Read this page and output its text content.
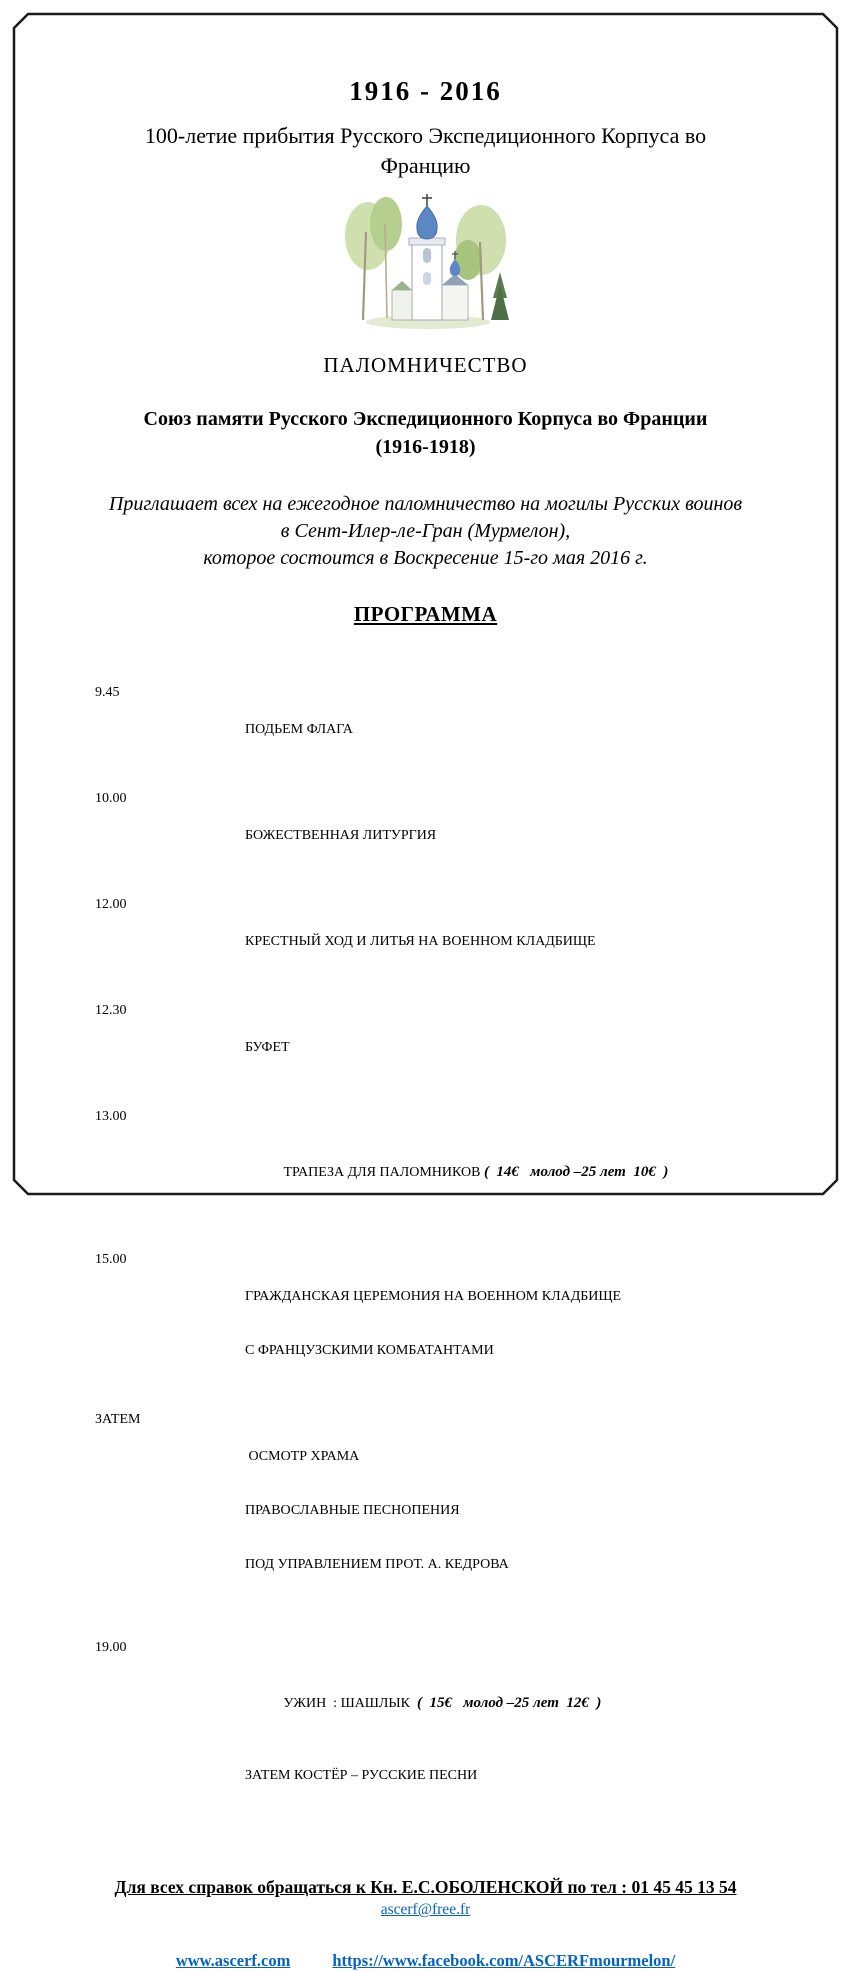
1916 - 2016
100-летие прибытия Русского Экспедиционного Корпуса во
Францию
ПАЛОМНИЧЕСТВО
Союз памяти Русского Экспедиционного Корпуса во Франции
(1916-1918)
Приглашает всех на ежегодное паломничество на могилы Русских воинов
в Сент-Илер-ле-Гран (Мурмелон),
которое состоится в Воскресение 15-го мая 2016 г.
ПРОГРАММА
9.45

ПОДЬЕМ ФЛАГА

10.00

БОЖЕСТВЕННАЯ ЛИТУРГИЯ

12.00

КРЕСТНЫЙ ХОД И ЛИТЬЯ НА ВОЕННОМ КЛАДБИЩЕ

12.30

БУФЕТ

13.00

ТРАПЕЗА ДЛЯ ПАЛОМНИКОВ (  14€   молод –25 лет  10€  )

15.00

ГРАЖДАНСКАЯ ЦЕРЕМОНИЯ НА ВОЕННОМ КЛАДБИЩЕ

С ФРАНЦУЗСКИМИ КОМБАТАНТАМИ

ЗАТЕМ

ОСМОТР ХРАМА

ПРАВОСЛАВНЫЕ ПЕСНОПЕНИЯ

ПОД УПРАВЛЕНИЕМ ПРОТ. А. КЕДРОВА

19.00

УЖИН  : ШАШЛЫК  (  15€   молод –25 лет  12€  )

ЗАТЕМ КОСТЁР – РУССКИЕ ПЕСНИ

Для всех справок обращаться к Кн. Е.С.ОБОЛЕНСКОЙ по тел : 01 45 45 13 54
ascerf@free.fr
www.ascerf.com	https://www.facebook.com/ASCERFmourmelon/
